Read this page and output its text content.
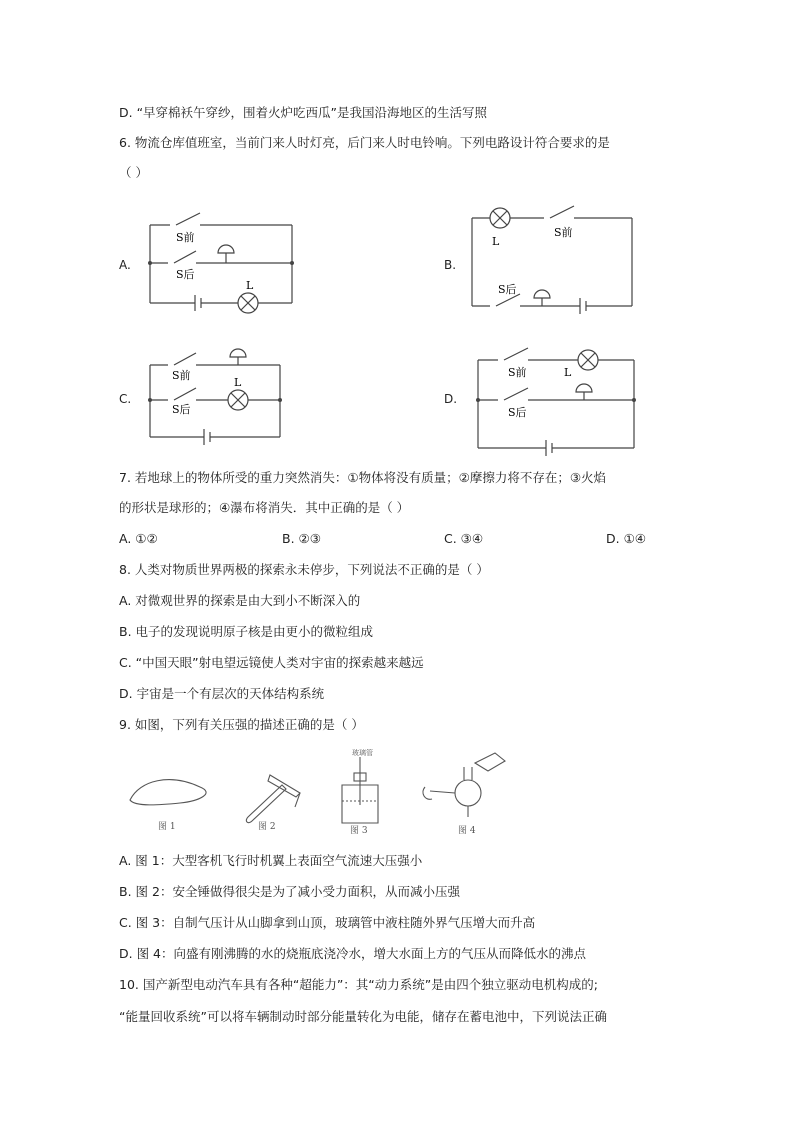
D. “早穿棉袄午穿纱，围着火炉吃西瓜”是我国沿海地区的生活写照
6. 物流仓库值班室，当前门来人时灯亮，后门来人时电铃响。下列电路设计符合要求的是
（ ）
A.	B.
C.	D.
S前
S后
L
L
S前
S后
S前
S后
L
S前
S后
L
7. 若地球上的物体所受的重力突然消失：①物体将没有质量；②摩擦力将不存在；③火焰
的形状是球形的；④瀑布将消失．其中正确的是（ ）
A. ①②	B. ②③	C. ③④	D. ①④
8. 人类对物质世界两极的探索永未停步，下列说法不正确的是（ ）
A. 对微观世界的探索是由大到小不断深入的
B. 电子的发现说明原子核是由更小的微粒组成
C. “中国天眼”射电望远镜使人类对宇宙的探索越来越远
D. 宇宙是一个有层次的天体结构系统
9. 如图，下列有关压强的描述正确的是（ ）
图 1	图 2
玻璃管
图 3	图 4
A. 图 1：大型客机飞行时机翼上表面空气流速大压强小
B. 图 2：安全锤做得很尖是为了减小受力面积，从而减小压强
C. 图 3：自制气压计从山脚拿到山顶，玻璃管中液柱随外界气压增大而升高
D. 图 4：向盛有刚沸腾的水的烧瓶底浇冷水，增大水面上方的气压从而降低水的沸点
10. 国产新型电动汽车具有各种“超能力”：其“动力系统”是由四个独立驱动电机构成的;
“能量回收系统”可以将车辆制动时部分能量转化为电能，储存在蓄电池中，下列说法正确
